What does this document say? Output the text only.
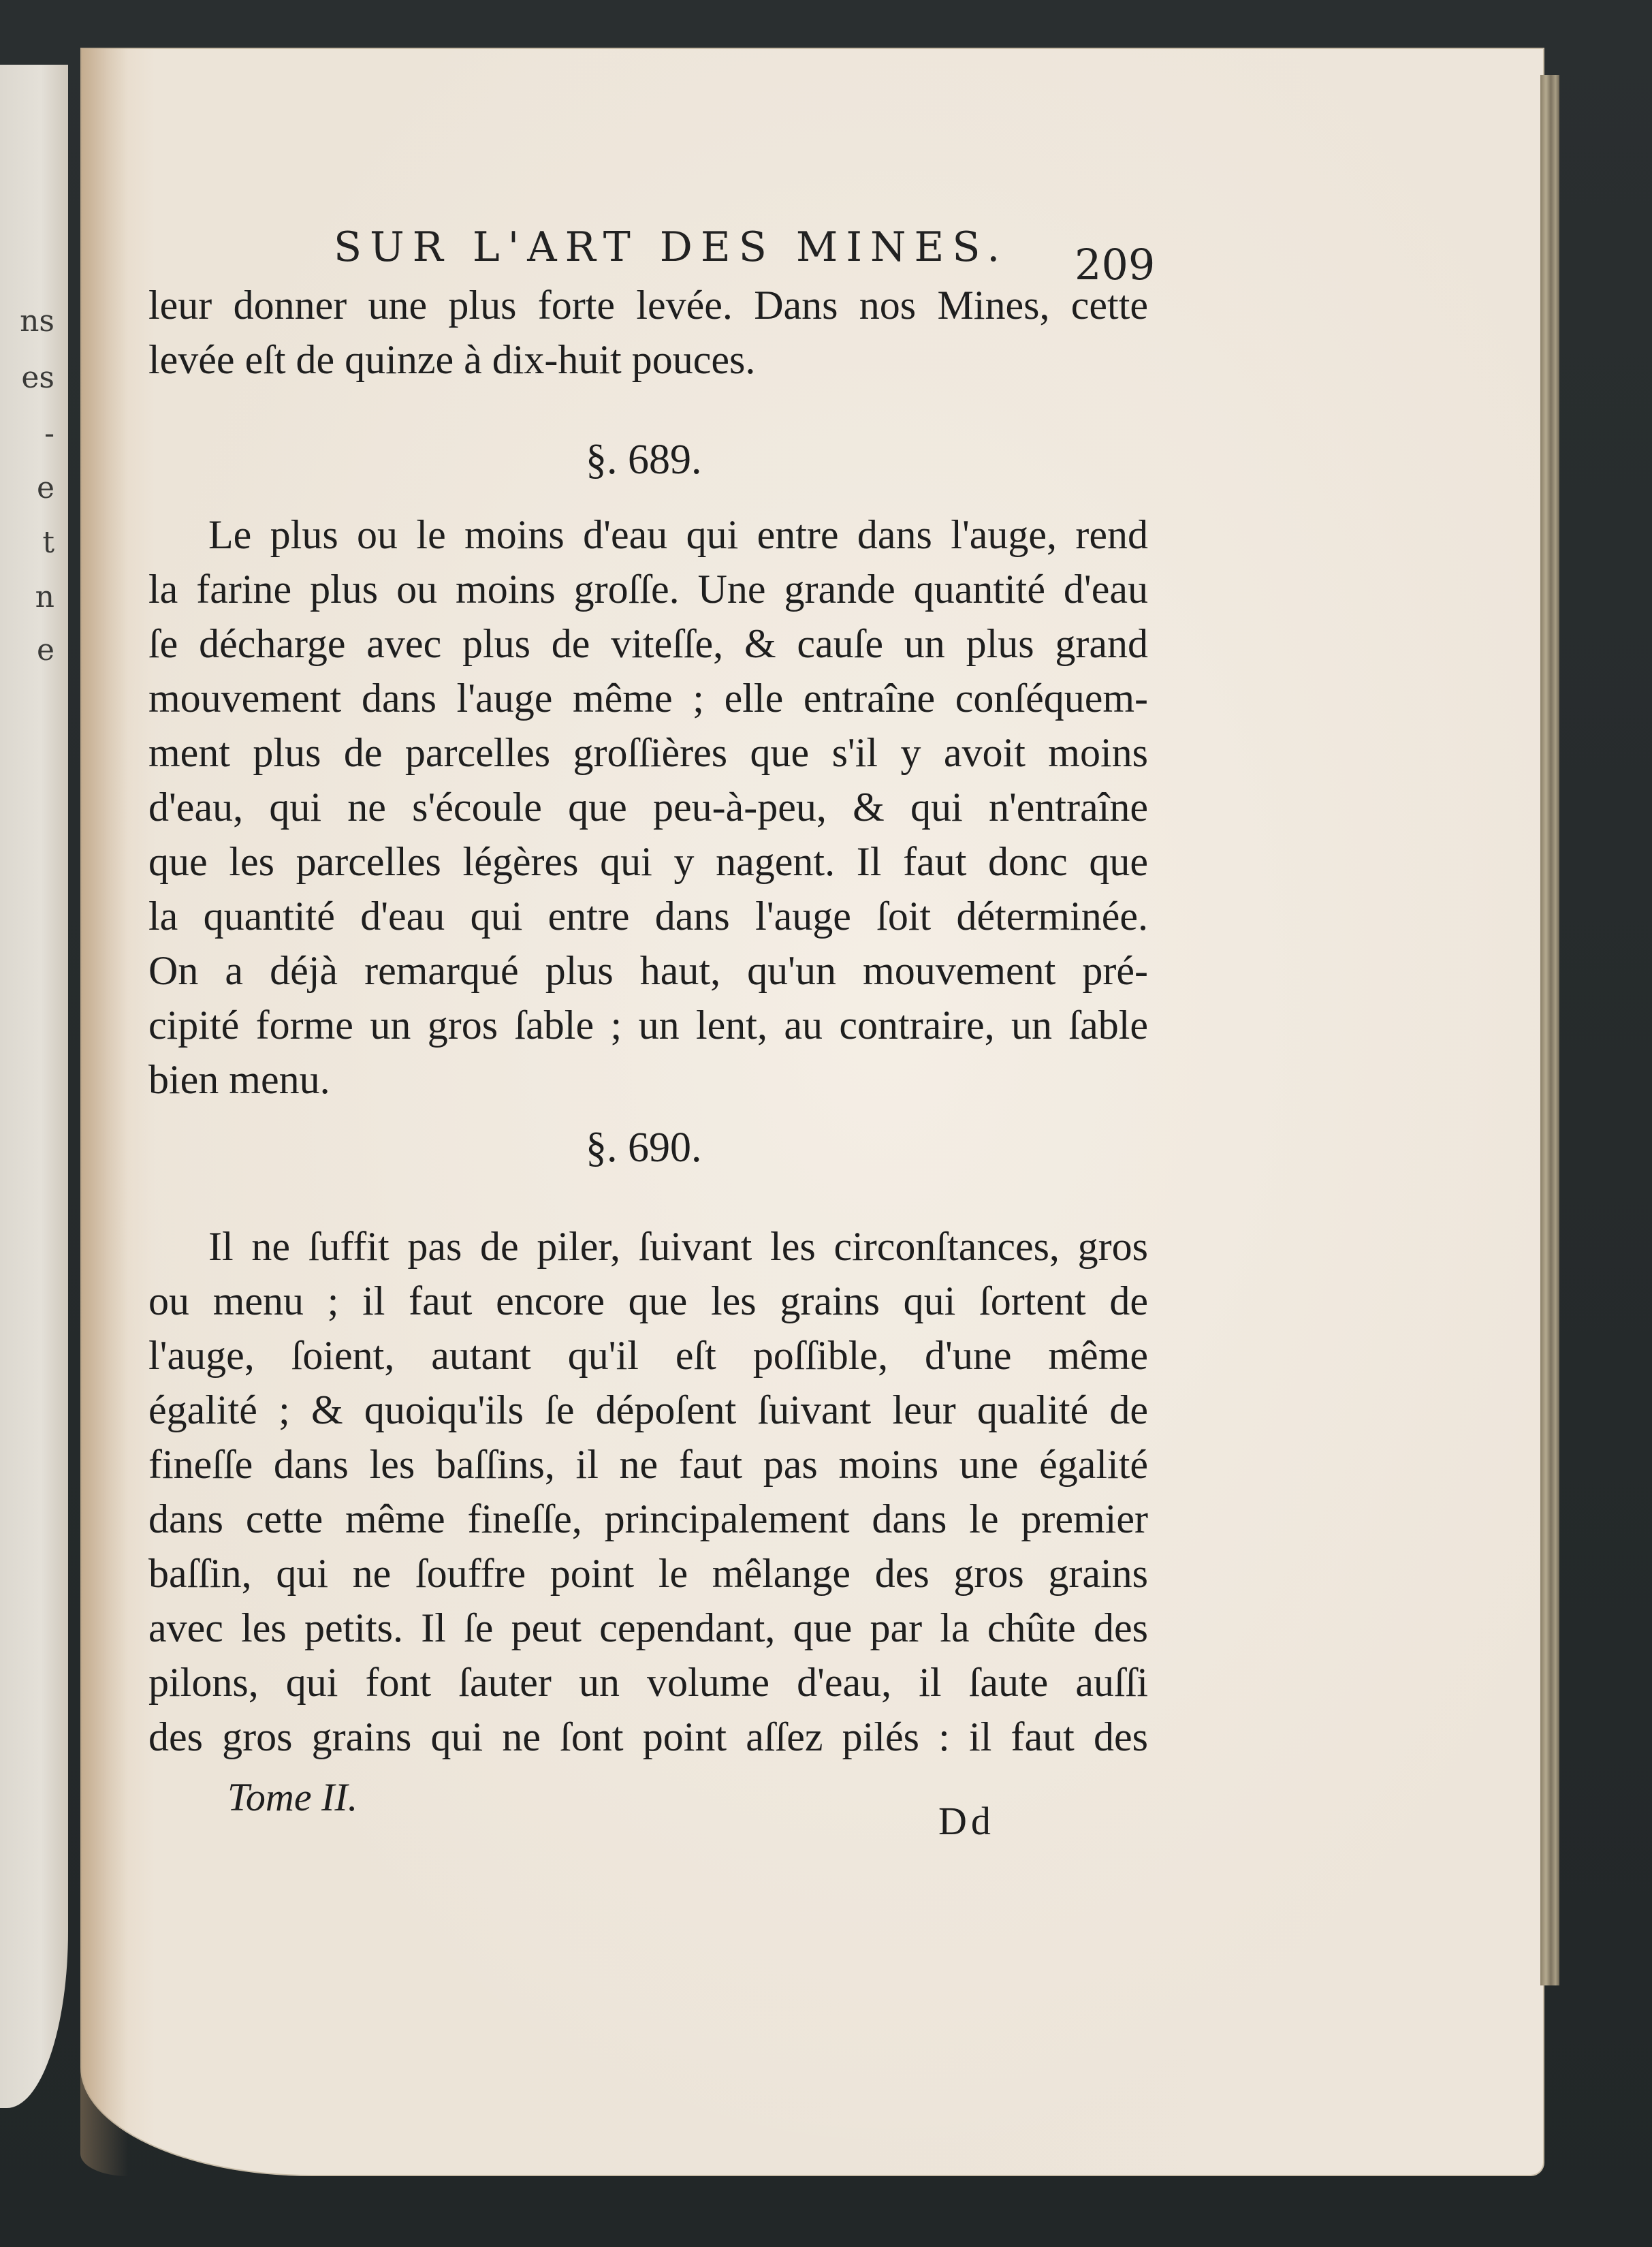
ns
es
-
e
t
n
e
SUR L'ART DES MINES. 209
leur donner une plus forte levée. Dans nos Mines, cette
levée eſt de quinze à dix-huit pouces.
§. 689.
Le plus ou le moins d'eau qui entre dans l'auge, rend
la farine plus ou moins groſſe. Une grande quantité d'eau
ſe décharge avec plus de viteſſe, & cauſe un plus grand
mouvement dans l'auge même ; elle entraîne conſéquem-
ment plus de parcelles groſſières que s'il y avoit moins
d'eau, qui ne s'écoule que peu-à-peu, & qui n'entraîne
que les parcelles légères qui y nagent. Il faut donc que
la quantité d'eau qui entre dans l'auge ſoit déterminée.
On a déjà remarqué plus haut, qu'un mouvement pré-
cipité forme un gros ſable ; un lent, au contraire, un ſable
bien menu.
§. 690.
Il ne ſuffit pas de piler, ſuivant les circonſtances, gros
ou menu ; il faut encore que les grains qui ſortent de
l'auge, ſoient, autant qu'il eſt poſſible, d'une même
égalité ; & quoiqu'ils ſe dépoſent ſuivant leur qualité de
fineſſe dans les baſſins, il ne faut pas moins une égalité
dans cette même fineſſe, principalement dans le premier
baſſin, qui ne ſouffre point le mêlange des gros grains
avec les petits. Il ſe peut cependant, que par la chûte des
pilons, qui font ſauter un volume d'eau, il ſaute auſſi
des gros grains qui ne ſont point aſſez pilés : il faut des
Tome II.
Dd
